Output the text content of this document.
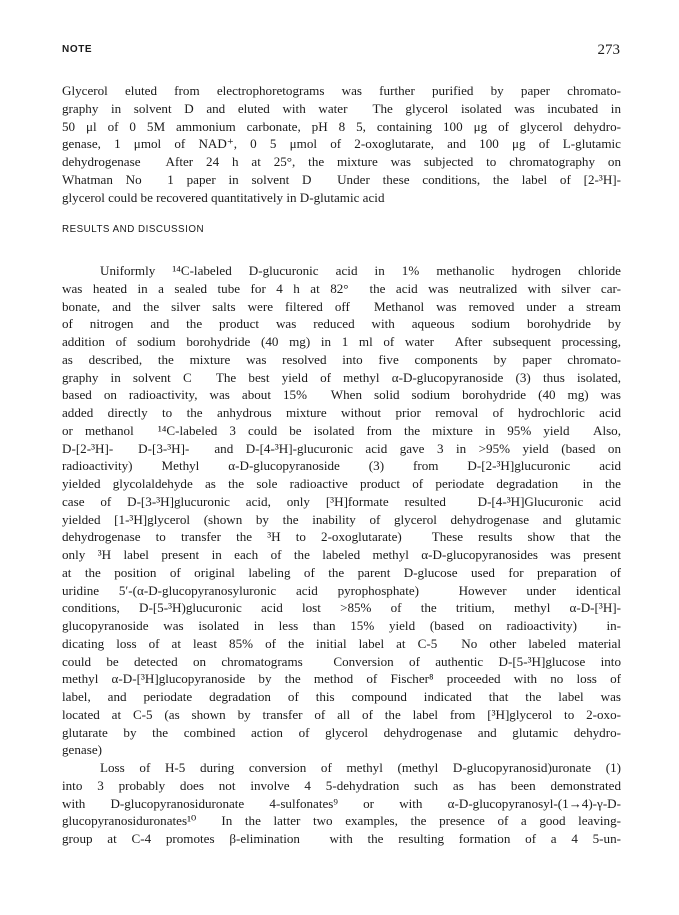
NOTE	273
Glycerol eluted from electrophoretograms was further purified by paper chromato-
graphy in solvent D and eluted with water  The glycerol isolated was incubated in
50 μl of 0 5M ammonium carbonate, pH 8 5, containing 100 μg of glycerol dehydro-
genase, 1 μmol of NAD⁺, 0 5 μmol of 2-oxoglutarate, and 100 μg of L-glutamic
dehydrogenase  After 24 h at 25°, the mixture was subjected to chromatography on
Whatman No  1 paper in solvent D  Under these conditions, the label of [2-³H]-
glycerol could be recovered quantitatively in D-glutamic acid
RESULTS AND DISCUSSION
Uniformly ¹⁴C-labeled D-glucuronic acid in 1% methanolic hydrogen chloride
was heated in a sealed tube for 4 h at 82°  the acid was neutralized with silver car-
bonate, and the silver salts were filtered off  Methanol was removed under a stream
of nitrogen and the product was reduced with aqueous sodium borohydride by
addition of sodium borohydride (40 mg) in 1 ml of water  After subsequent processing,
as described, the mixture was resolved into five components by paper chromato-
graphy in solvent C  The best yield of methyl α-D-glucopyranoside (3) thus isolated,
based on radioactivity, was about 15%  When solid sodium borohydride (40 mg) was
added directly to the anhydrous mixture without prior removal of hydrochloric acid
or methanol  ¹⁴C-labeled 3 could be isolated from the mixture in 95% yield  Also,
D-[2-³H]-  D-[3-³H]-  and D-[4-³H]-glucuronic acid gave 3 in >95% yield (based on
radioactivity)  Methyl  α-D-glucopyranoside  (3)  from  D-[2-³H]glucuronic  acid
yielded glycolaldehyde as the sole radioactive product of periodate degradation  in the
case of D-[3-³H]glucuronic acid, only [³H]formate resulted  D-[4-³H]Glucuronic acid
yielded [1-³H]glycerol (shown by the inability of glycerol dehydrogenase and glutamic
dehydrogenase to transfer the ³H to 2-oxoglutarate)  These results show that the
only ³H label present in each of the labeled methyl α-D-glucopyranosides was present
at the position of original labeling of the parent D-glucose used for preparation of
uridine 5′-(α-D-glucopyranosyluronic acid pyrophosphate)  However under identical
conditions, D-[5-³H)glucuronic acid lost >85% of the tritium, methyl α-D-[³H]-
glucopyranoside was isolated in less than 15% yield (based on radioactivity)  in-
dicating loss of at least 85% of the initial label at C-5  No other labeled material
could be detected on chromatograms  Conversion of authentic D-[5-³H]glucose into
methyl α-D-[³H]glucopyranoside by the method of Fischer⁸ proceeded with no loss of
label, and periodate degradation of this compound indicated that the label was
located at C-5 (as shown by transfer of all of the label from [³H]glycerol to 2-oxo-
glutarate by the combined action of glycerol dehydrogenase and glutamic dehydro-
genase)
Loss of H-5 during conversion of methyl (methyl D-glucopyranosid)uronate (1)
into 3 probably does not involve 4 5-dehydration such as has been demonstrated
with D-glucopyranosiduronate 4-sulfonates⁹ or with α-D-glucopyranosyl-(1→4)-γ-D-
glucopyranosiduronates¹⁰  In the latter two examples, the presence of a good leaving-
group at C-4 promotes β-elimination  with the resulting formation of a 4 5-un-
